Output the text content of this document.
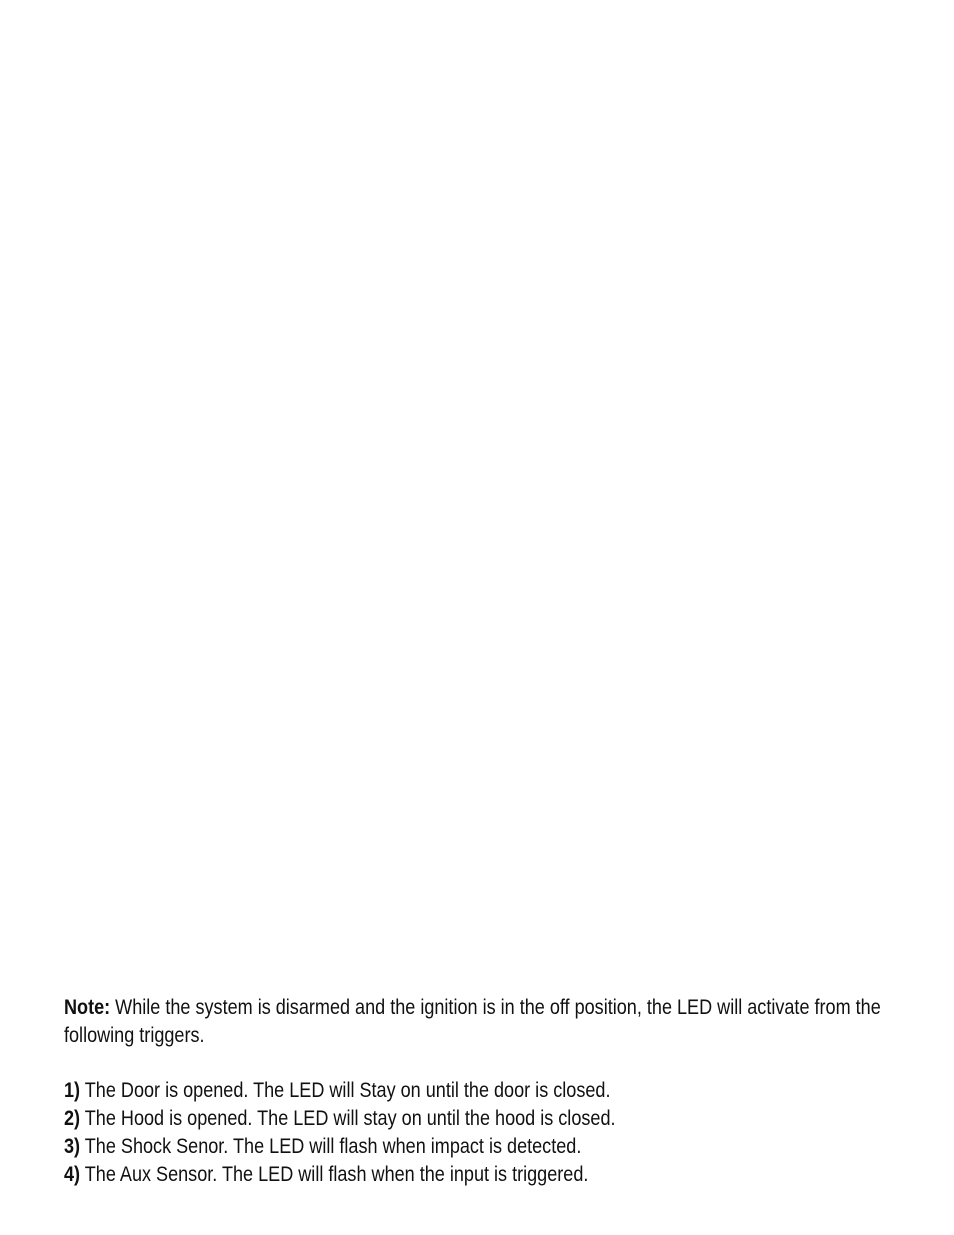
Note: While the system is disarmed and the ignition is in the off position, the LED will activate from the following triggers.

1) The Door is opened. The LED will Stay on until the door is closed.
2) The Hood is opened. The LED will stay on until the hood is closed.
3) The Shock Senor. The LED will flash when impact is detected.
4) The Aux Sensor. The LED will flash when the input is triggered.
